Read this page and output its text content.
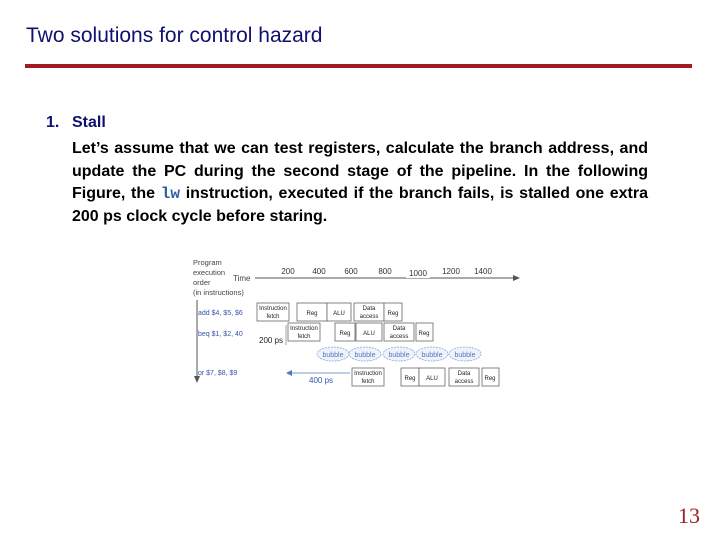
Two solutions for control hazard
1. Stall
Let’s assume that we can test registers, calculate the branch address, and update the PC during the second stage of the pipeline. In the following Figure, the lw instruction, executed if the branch fails, is stalled one extra 200 ps clock cycle before staring.
Program
execution
order
(in instructions)
Time
200 400 600	800 1000 1200 1400
add $4, $5, $6
beq $1, $2, 40
or $7, $8, $9
Instruction
fetch	Reg	ALU
Data
access Reg
Instruction
fetch	Reg ALU
Data
access Reg
200 ps
bubble bubble bubble bubble bubble
400 ps
Instruction
fetch	Reg ALU
Data
access Reg
13
